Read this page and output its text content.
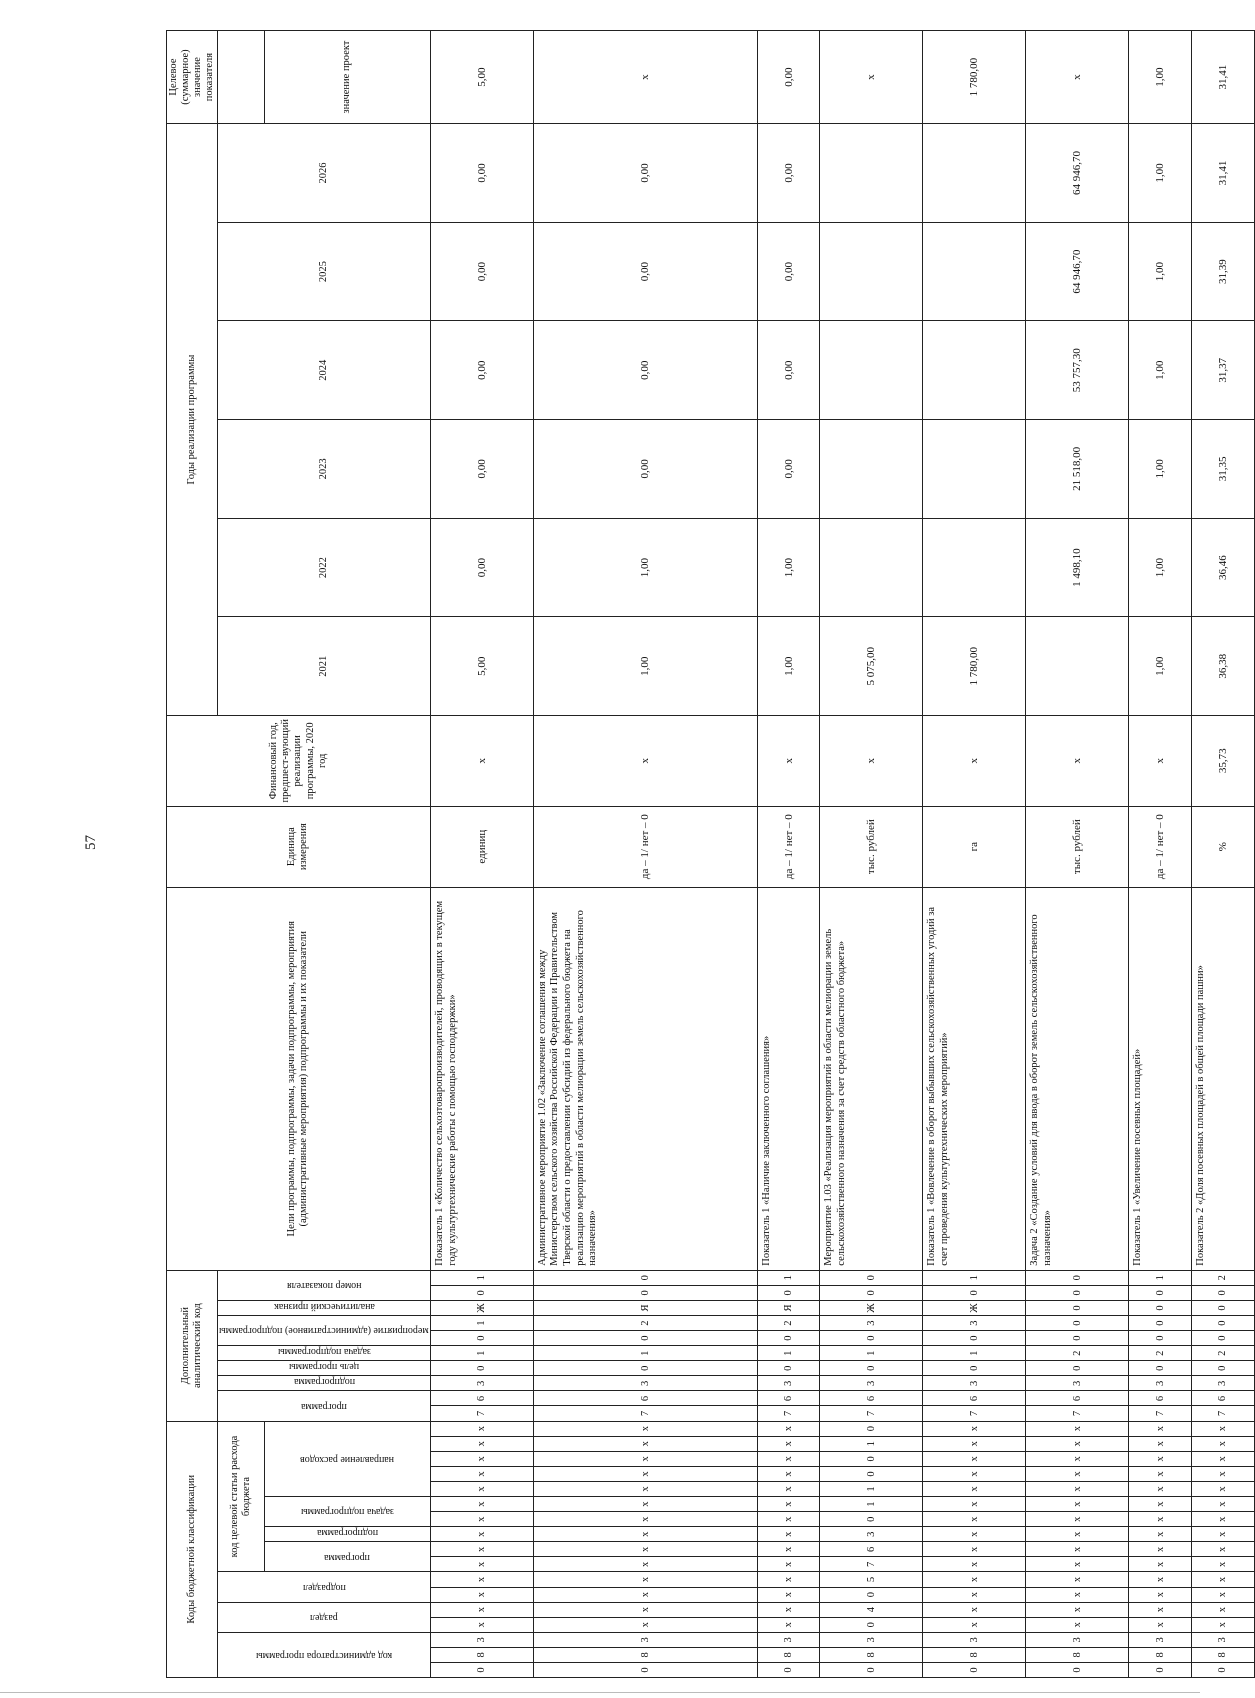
57
Коды бюджетной классификации																	Дополнительный аналитический код										Цели программы, подпрограммы, задачи подпрограммы, мероприятия (административные мероприятия) подпрограммы и их показатели	Единица измерения	Финансовый год, предшест-вующий реализации программы, 2020 год	Годы реализации программы						Целевое (суммарное) значение показателя

код администратора программы			раздел		подраздел		код целевой статьи расхода бюджета										программа		подпрограмма	цель программы	задача подпрограммы	мероприятие (административное) подпрограммы		аналитический признак	номер показателя					2021	2022	2023	2024	2025	2026	

							программа		подпрограмма	задача подпрограммы		направление расходов																								значение проект

0	8	3	x	x	x	x	x	x	x	x	x	x	x	x	x	x	7	6	3	0	1	0	1	Ж	0	1	Показатель 1 «Количество сельхозтоваропроизводителей, проводящих в текущем году культуртехнические работы с помощью господдержки»	единиц	x	5,00	0,00	0,00	0,00	0,00	0,00	5,00
0	8	3	x	x	x	x	x	x	x	x	x	x	x	x	x	x	7	6	3	0	1	0	2	Я	0	0	Административное мероприятие 1.02 «Заключение соглашения между Министерством сельского хозяйства Российской Федерации и Правительством Тверской области о предоставлении субсидий из федерального бюджета на реализацию мероприятий в области мелиорации земель сельскохозяйственного назначения»	да – 1/ нет – 0	x	1,00	1,00	0,00	0,00	0,00	0,00	x
0	8	3	x	x	x	x	x	x	x	x	x	x	x	x	x	x	7	6	3	0	1	0	2	Я	0	1	Показатель 1 «Наличие заключенного соглашения»	да – 1/ нет – 0	x	1,00	1,00	0,00	0,00	0,00	0,00	0,00
0	8	3	0	4	0	5	7	6	3	0	1	1	0	0	1	0	7	6	3	0	1	0	3	Ж	0	0	Мероприятие 1.03 «Реализация мероприятий в области мелиорации земель сельскохозяйственного назначения за счет средств областного бюджета»	тыс. рублей	x	5 075,00						x
0	8	3	x	x	x	x	x	x	x	x	x	x	x	x	x	x	7	6	3	0	1	0	3	Ж	0	1	Показатель 1 «Вовлечение в оборот выбывших сельскохозяйственных угодий за счет проведения культуртехнических мероприятий»	га	x	1 780,00						1 780,00
0	8	3	x	x	x	x	x	x	x	x	x	x	x	x	x	x	7	6	3	0	2	0	0	0	0	0	Задача 2 «Создание условий для ввода в оборот земель сельскохозяйственного назначения»	тыс. рублей	x		1 498,10	21 518,00	53 757,30	64 946,70	64 946,70	x
0	8	3	x	x	x	x	x	x	x	x	x	x	x	x	x	x	7	6	3	0	2	0	0	0	0	1	Показатель 1 «Увеличение посевных площадей»	да – 1/ нет – 0	x	1,00	1,00	1,00	1,00	1,00	1,00	1,00
0	8	3	x	x	x	x	x	x	x	x	x	x	x	x	x	x	7	6	3	0	2	0	0	0	0	2	Показатель 2 «Доля посевных площадей в общей площади пашни»	%	35,73	36,38	36,46	31,35	31,37	31,39	31,41	31,41
